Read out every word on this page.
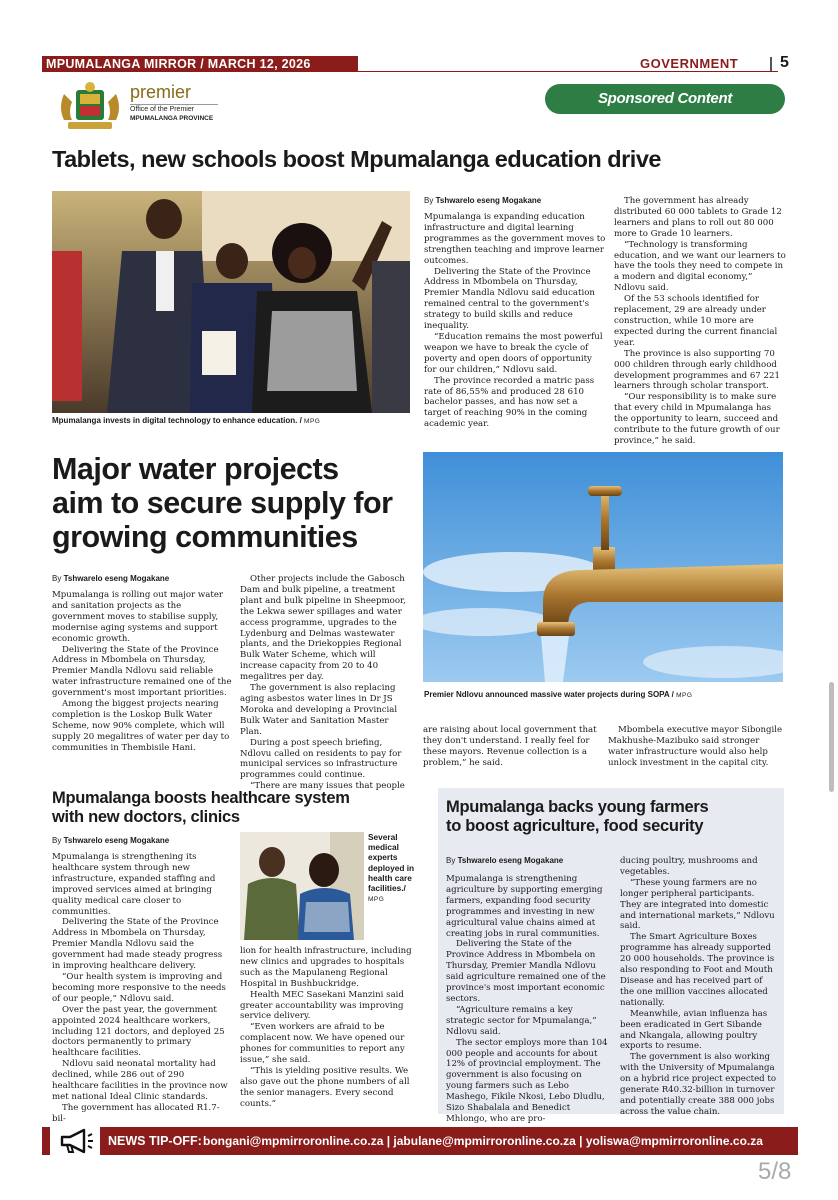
MPUMALANGA MIRROR / MARCH 12, 2026	GOVERNMENT	5
premier
Office of the Premier
MPUMALANGA PROVINCE
Sponsored Content
Tablets, new schools boost Mpumalanga education drive
Mpumalanga invests in digital technology to enhance education. / MPG
By Tshwarelo eseng Mogakane

Mpumalanga is expanding education infrastructure and digital learning programmes as the government moves to strengthen teaching and improve learner outcomes.

Delivering the State of the Province Address in Mbombela on Thursday, Premier Mandla Ndlovu said education remained central to the government's strategy to build skills and reduce inequality.

“Education remains the most powerful weapon we have to break the cycle of poverty and open doors of opportunity for our children,” Ndlovu said.

The province recorded a matric pass rate of 86,55% and produced 28 610 bachelor passes, and has now set a target of reaching 90% in the coming academic year.

The government has already distributed 60 000 tablets to Grade 12 learners and plans to roll out 80 000 more to Grade 10 learners.

“Technology is transforming education, and we want our learners to have the tools they need to compete in a modern and digital economy,” Ndlovu said.

Of the 53 schools identified for replacement, 29 are already under construction, while 10 more are expected during the current financial year.

The province is also supporting 70 000 children through early childhood development programmes and 67 221 learners through scholar transport.

“Our responsibility is to make sure that every child in Mpumalanga has the opportunity to learn, succeed and contribute to the future growth of our province,” he said.

Major water projects
aim to secure supply for
growing communities
Premier Ndlovu announced massive water projects during SOPA / MPG
By Tshwarelo eseng Mogakane

Mpumalanga is rolling out major water and sanitation projects as the government moves to stabilise supply, modernise aging systems and support economic growth.

Delivering the State of the Province Address in Mbombela on Thursday, Premier Mandla Ndlovu said reliable water infrastructure remained one of the government's most important priorities.

Among the biggest projects nearing completion is the Loskop Bulk Water Scheme, now 90% complete, which will supply 20 megalitres of water per day to communities in Thembisile Hani.

Other projects include the Gabosch Dam and bulk pipeline, a treatment plant and bulk pipeline in Sheepmoor, the Lekwa sewer spillages and water access programme, upgrades to the Lydenburg and Delmas wastewater plants, and the Driekoppies Regional Bulk Water Scheme, which will increase capacity from 20 to 40 megalitres per day.

The government is also replacing aging asbestos water lines in Dr JS Moroka and developing a Provincial Bulk Water and Sanitation Master Plan.

During a post speech briefing, Ndlovu called on residents to pay for municipal services so infrastructure programmes could continue.

“There are many issues that people

are raising about local government that they don't understand. I really feel for these mayors. Revenue collection is a problem,” he said.

Mbombela executive mayor Sibongile Makhushe-Mazibuko said stronger water infrastructure would also help unlock investment in the capital city.

Mpumalanga boosts healthcare system
with new doctors, clinics
By Tshwarelo eseng Mogakane

Mpumalanga is strengthening its healthcare system through new infrastructure, expanded staffing and improved services aimed at bringing quality medical care closer to communities.

Delivering the State of the Province Address in Mbombela on Thursday, Premier Mandla Ndlovu said the government had made steady progress in improving healthcare delivery.

“Our health system is improving and becoming more responsive to the needs of our people,” Ndlovu said.

Over the past year, the government appointed 2024 healthcare workers, including 121 doctors, and deployed 25 doctors permanently to primary healthcare facilities.

Ndlovu said neonatal mortality had declined, while 286 out of 290 healthcare facilities in the province now met national Ideal Clinic standards.

The government has allocated R1.7-bil-

Several medical experts deployed in health care facilities./
MPG

lion for health infrastructure, including new clinics and upgrades to hospitals such as the Mapulaneng Regional Hospital in Bushbuckridge.

Health MEC Sasekani Manzini said greater accountability was improving service delivery.

“Even workers are afraid to be complacent now. We have opened our phones for communities to report any issue,” she said.

“This is yielding positive results. We also gave out the phone numbers of all the senior managers. Every second counts.”

Mpumalanga backs young farmers
to boost agriculture, food security
By Tshwarelo eseng Mogakane

Mpumalanga is strengthening agriculture by supporting emerging farmers, expanding food security programmes and investing in new agricultural value chains aimed at creating jobs in rural communities.

Delivering the State of the Province Address in Mbombela on Thursday, Premier Mandla Ndlovu said agriculture remained one of the province's most important economic sectors.

“Agriculture remains a key strategic sector for Mpumalanga,” Ndlovu said.

The sector employs more than 104 000 people and accounts for about 12% of provincial employment. The government is also focusing on young farmers such as Lebo Mashego, Fikile Nkosi, Lebo Dludlu, Sizo Shabalala and Benedict Mhlongo, who are pro-

ducing poultry, mushrooms and vegetables.

“These young farmers are no longer peripheral participants. They are integrated into domestic and international markets,” Ndlovu said.

The Smart Agriculture Boxes programme has already supported 20 000 households. The province is also responding to Foot and Mouth Disease and has received part of the one million vaccines allocated nationally.

Meanwhile, avian influenza has been eradicated in Gert Sibande and Nkangala, allowing poultry exports to resume.

The government is also working with the University of Mpumalanga on a hybrid rice project expected to generate R40.32-billion in turnover and potentially create 388 000 jobs across the value chain.

NEWS TIP-OFF: bongani@mpmirroronline.co.za | jabulane@mpmirroronline.co.za | yoliswa@mpmirroronline.co.za
5/8
